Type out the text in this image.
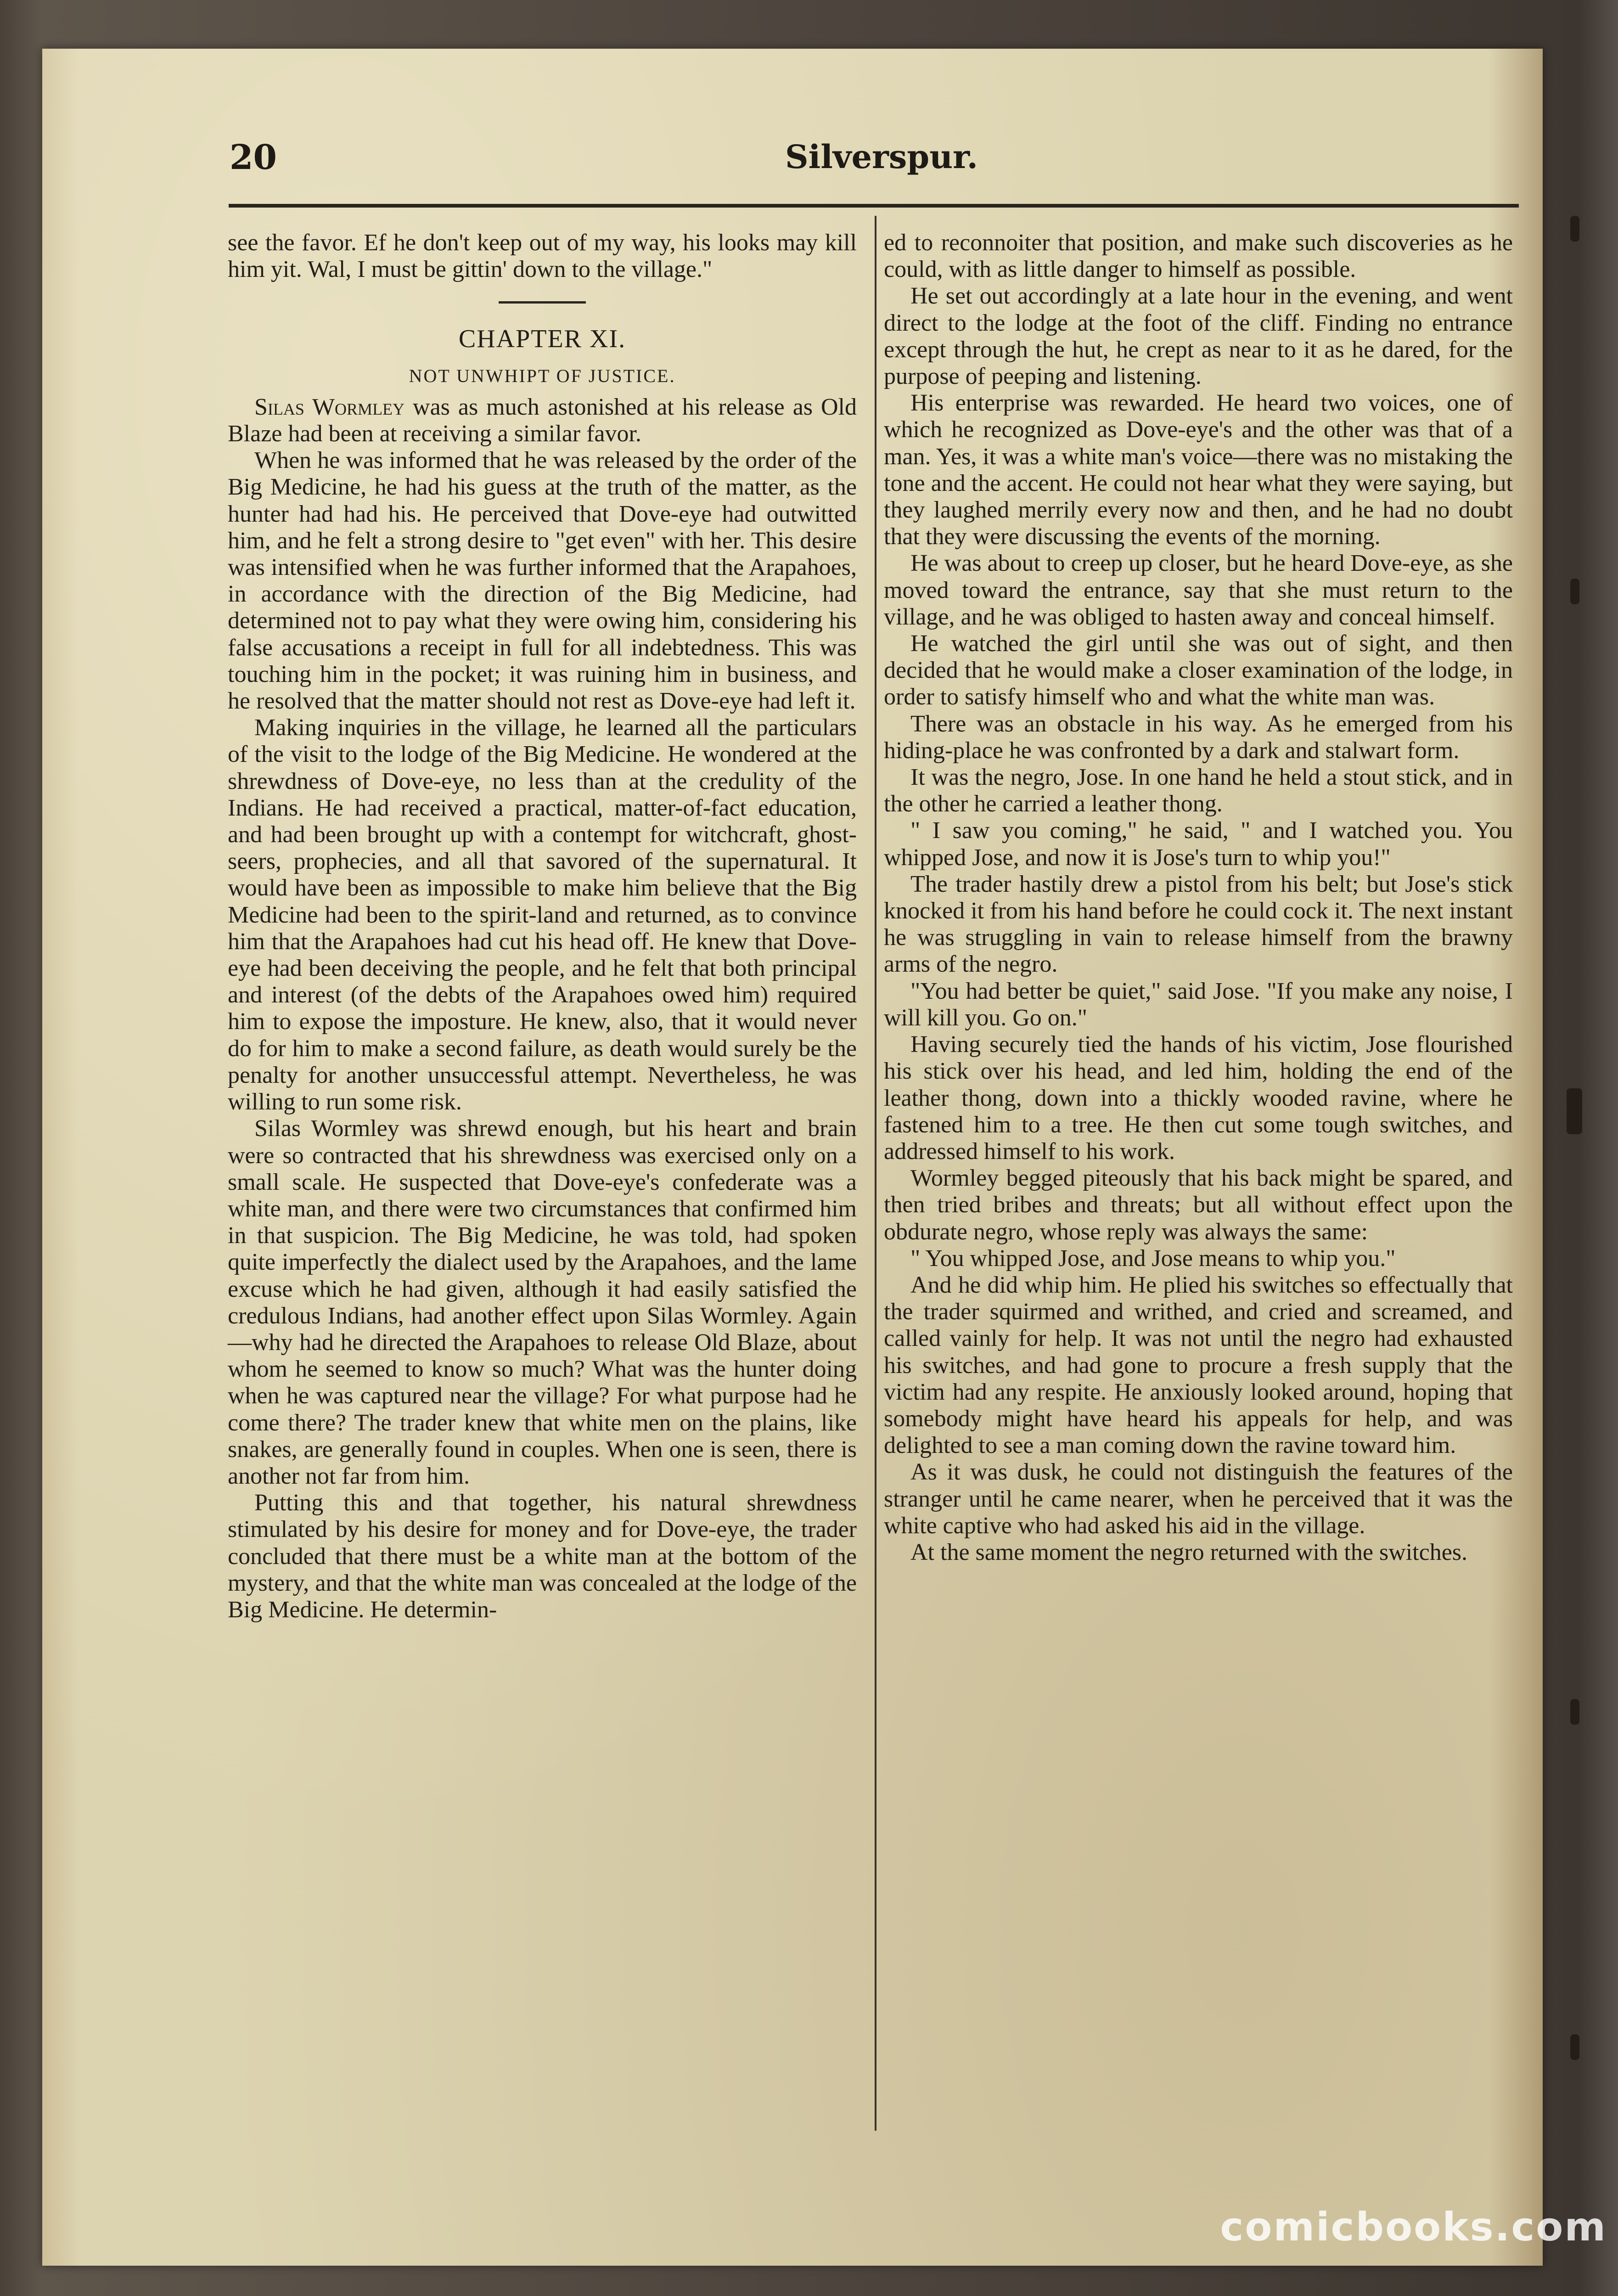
20	Silverspur.

see the favor. Ef he don't keep out of my way, his looks may kill him yit. Wal, I must be gittin' down to the village."

CHAPTER XI.
NOT UNWHIPT OF JUSTICE.

Silas Wormley was as much astonished at his release as Old Blaze had been at receiving a similar favor.

When he was informed that he was released by the order of the Big Medicine, he had his guess at the truth of the matter, as the hunter had had his. He perceived that Dove-eye had outwitted him, and he felt a strong desire to "get even" with her. This desire was intensified when he was further informed that the Arapahoes, in accordance with the direction of the Big Medicine, had determined not to pay what they were owing him, considering his false accusations a receipt in full for all indebtedness. This was touching him in the pocket; it was ruining him in business, and he resolved that the matter should not rest as Dove-eye had left it.

Making inquiries in the village, he learned all the particulars of the visit to the lodge of the Big Medicine. He wondered at the shrewdness of Dove-eye, no less than at the credulity of the Indians. He had received a practical, matter-of-fact education, and had been brought up with a contempt for witchcraft, ghost-seers, prophecies, and all that savored of the supernatural. It would have been as impossible to make him believe that the Big Medicine had been to the spirit-land and returned, as to convince him that the Arapahoes had cut his head off. He knew that Dove-eye had been deceiving the people, and he felt that both principal and interest (of the debts of the Arapahoes owed him) required him to expose the imposture. He knew, also, that it would never do for him to make a second failure, as death would surely be the penalty for another unsuccessful attempt. Nevertheless, he was willing to run some risk.

Silas Wormley was shrewd enough, but his heart and brain were so contracted that his shrewdness was exercised only on a small scale. He suspected that Dove-eye's confederate was a white man, and there were two circumstances that confirmed him in that suspicion. The Big Medicine, he was told, had spoken quite imperfectly the dialect used by the Arapahoes, and the lame excuse which he had given, although it had easily satisfied the credulous Indians, had another effect upon Silas Wormley. Again—why had he directed the Arapahoes to release Old Blaze, about whom he seemed to know so much? What was the hunter doing when he was captured near the village? For what purpose had he come there? The trader knew that white men on the plains, like snakes, are generally found in couples. When one is seen, there is another not far from him.

Putting this and that together, his natural shrewdness stimulated by his desire for money and for Dove-eye, the trader concluded that there must be a white man at the bottom of the mystery, and that the white man was concealed at the lodge of the Big Medicine. He determin-

ed to reconnoiter that position, and make such discoveries as he could, with as little danger to himself as possible.

He set out accordingly at a late hour in the evening, and went direct to the lodge at the foot of the cliff. Finding no entrance except through the hut, he crept as near to it as he dared, for the purpose of peeping and listening.

His enterprise was rewarded. He heard two voices, one of which he recognized as Dove-eye's and the other was that of a man. Yes, it was a white man's voice—there was no mistaking the tone and the accent. He could not hear what they were saying, but they laughed merrily every now and then, and he had no doubt that they were discussing the events of the morning.

He was about to creep up closer, but he heard Dove-eye, as she moved toward the entrance, say that she must return to the village, and he was obliged to hasten away and conceal himself.

He watched the girl until she was out of sight, and then decided that he would make a closer examination of the lodge, in order to satisfy himself who and what the white man was.

There was an obstacle in his way. As he emerged from his hiding-place he was confronted by a dark and stalwart form.

It was the negro, Jose. In one hand he held a stout stick, and in the other he carried a leather thong.

" I saw you coming," he said, " and I watched you. You whipped Jose, and now it is Jose's turn to whip you!"

The trader hastily drew a pistol from his belt; but Jose's stick knocked it from his hand before he could cock it. The next instant he was struggling in vain to release himself from the brawny arms of the negro.

"You had better be quiet," said Jose. "If you make any noise, I will kill you. Go on."

Having securely tied the hands of his victim, Jose flourished his stick over his head, and led him, holding the end of the leather thong, down into a thickly wooded ravine, where he fastened him to a tree. He then cut some tough switches, and addressed himself to his work.

Wormley begged piteously that his back might be spared, and then tried bribes and threats; but all without effect upon the obdurate negro, whose reply was always the same:

" You whipped Jose, and Jose means to whip you."

And he did whip him. He plied his switches so effectually that the trader squirmed and writhed, and cried and screamed, and called vainly for help. It was not until the negro had exhausted his switches, and had gone to procure a fresh supply that the victim had any respite. He anxiously looked around, hoping that somebody might have heard his appeals for help, and was delighted to see a man coming down the ravine toward him.

As it was dusk, he could not distinguish the features of the stranger until he came nearer, when he perceived that it was the white captive who had asked his aid in the village.

At the same moment the negro returned with the switches.

comicbooks.com
